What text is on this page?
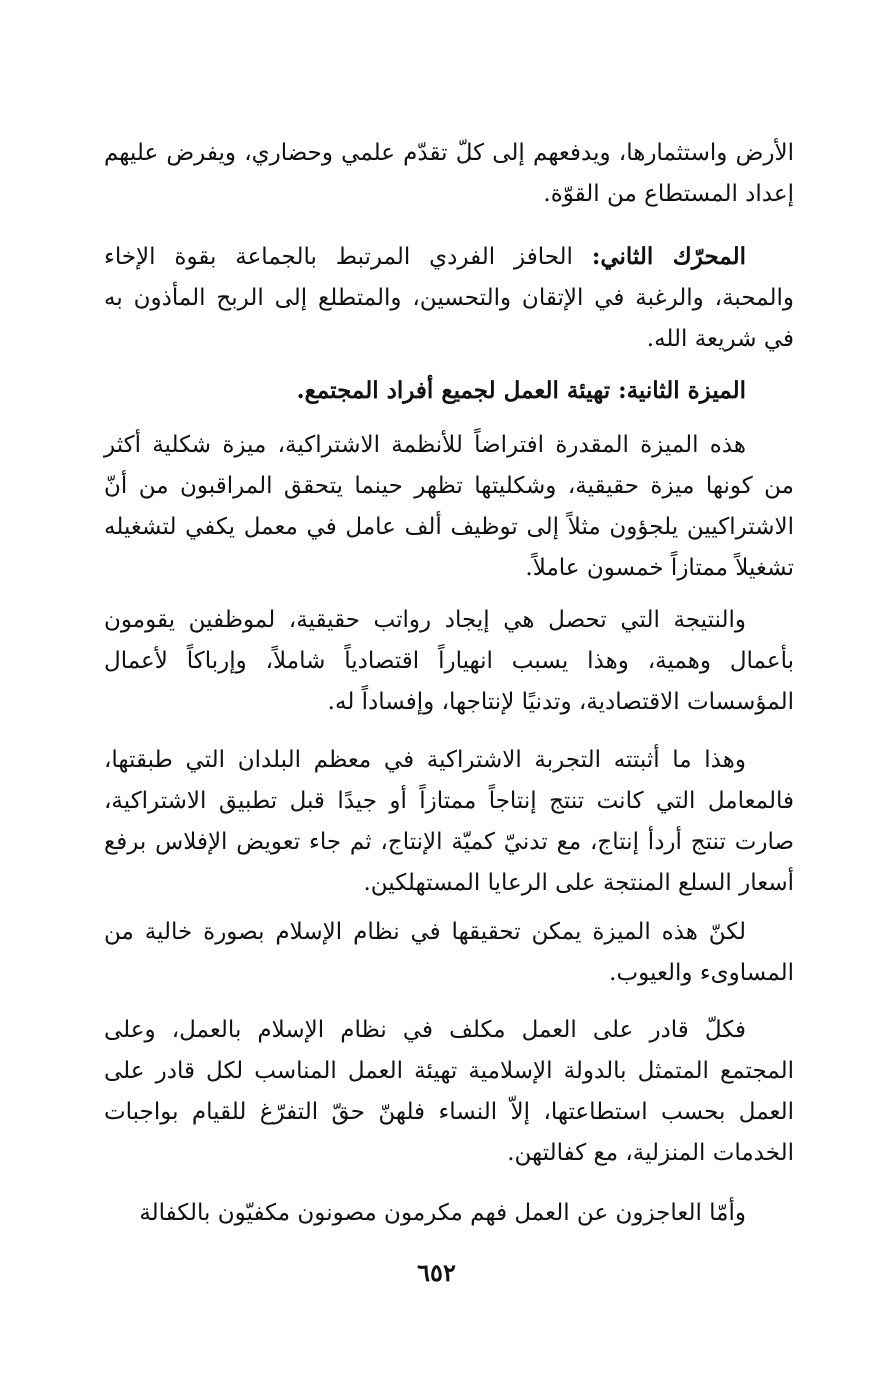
الأرض واستثمارها، ويدفعهم إلى كلّ تقدّم علمي وحضاري، ويفرض عليهم إعداد المستطاع من القوّة.

المحرّك الثاني: الحافز الفردي المرتبط بالجماعة بقوة الإخاء والمحبة، والرغبة في الإتقان والتحسين، والمتطلع إلى الربح المأذون به في شريعة الله.

الميزة الثانية: تهيئة العمل لجميع أفراد المجتمع.

هذه الميزة المقدرة افتراضاً للأنظمة الاشتراكية، ميزة شكلية أكثر من كونها ميزة حقيقية، وشكليتها تظهر حينما يتحقق المراقبون من أنّ الاشتراكيين يلجؤون مثلاً إلى توظيف ألف عامل في معمل يكفي لتشغيله تشغيلاً ممتازاً خمسون عاملاً.

والنتيجة التي تحصل هي إيجاد رواتب حقيقية، لموظفين يقومون بأعمال وهمية، وهذا يسبب انهياراً اقتصادياً شاملاً، وإرباكاً لأعمال المؤسسات الاقتصادية، وتدنيًا لإنتاجها، وإفساداً له.

وهذا ما أثبتته التجربة الاشتراكية في معظم البلدان التي طبقتها، فالمعامل التي كانت تنتج إنتاجاً ممتازاً أو جيدًا قبل تطبيق الاشتراكية، صارت تنتج أردأ إنتاج، مع تدنيّ كميّة الإنتاج، ثم جاء تعويض الإفلاس برفع أسعار السلع المنتجة على الرعايا المستهلكين.

لكنّ هذه الميزة يمكن تحقيقها في نظام الإسلام بصورة خالية من المساوىء والعيوب.

فكلّ قادر على العمل مكلف في نظام الإسلام بالعمل، وعلى المجتمع المتمثل بالدولة الإسلامية تهيئة العمل المناسب لكل قادر على العمل بحسب استطاعتها، إلاّ النساء فلهنّ حقّ التفرّغ للقيام بواجبات الخدمات المنزلية، مع كفالتهن.

وأمّا العاجزون عن العمل فهم مكرمون مصونون مكفيّون بالكفالة

٦٥٢
